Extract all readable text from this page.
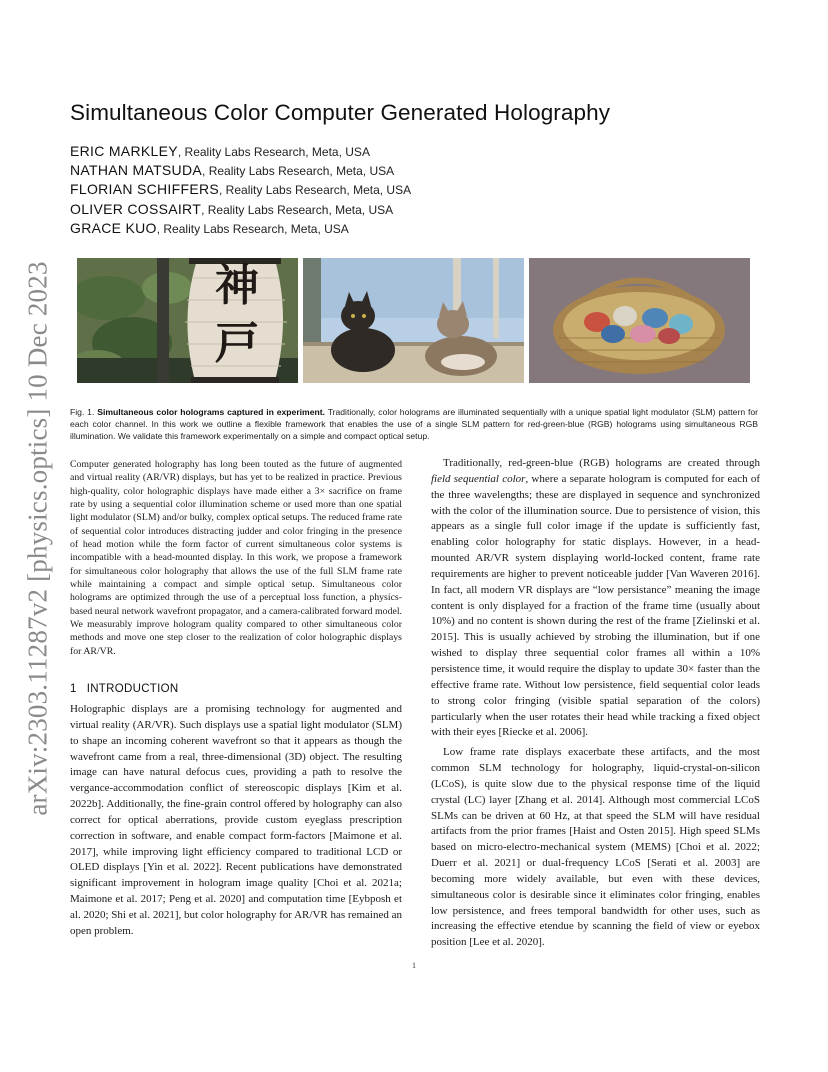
arXiv:2303.11287v2 [physics.optics] 10 Dec 2023
Simultaneous Color Computer Generated Holography
ERIC MARKLEY, Reality Labs Research, Meta, USA
NATHAN MATSUDA, Reality Labs Research, Meta, USA
FLORIAN SCHIFFERS, Reality Labs Research, Meta, USA
OLIVER COSSAIRT, Reality Labs Research, Meta, USA
GRACE KUO, Reality Labs Research, Meta, USA
神
戸
Fig. 1. Simultaneous color holograms captured in experiment. Traditionally, color holograms are illuminated sequentially with a unique spatial light modulator (SLM) pattern for each color channel. In this work we outline a flexible framework that enables the use of a single SLM pattern for red-green-blue (RGB) holograms using simultaneous RGB illumination. We validate this framework experimentally on a simple and compact optical setup.
Computer generated holography has long been touted as the future of augmented and virtual reality (AR/VR) displays, but has yet to be realized in practice. Previous high-quality, color holographic displays have made either a 3× sacrifice on frame rate by using a sequential color illumination scheme or used more than one spatial light modulator (SLM) and/or bulky, complex optical setups. The reduced frame rate of sequential color introduces distracting judder and color fringing in the presence of head motion while the form factor of current simultaneous color systems is incompatible with a head-mounted display. In this work, we propose a framework for simultaneous color holography that allows the use of the full SLM frame rate while maintaining a compact and simple optical setup. Simultaneous color holograms are optimized through the use of a perceptual loss function, a physics-based neural network wavefront propagator, and a camera-calibrated forward model. We measurably improve hologram quality compared to other simultaneous color methods and move one step closer to the realization of color holographic displays for AR/VR.
1 INTRODUCTION
Holographic displays are a promising technology for augmented and virtual reality (AR/VR). Such displays use a spatial light modulator (SLM) to shape an incoming coherent wavefront so that it appears as though the wavefront came from a real, three-dimensional (3D) object. The resulting image can have natural defocus cues, providing a path to resolve the vergance-accommodation conflict of stereoscopic displays [Kim et al. 2022b]. Additionally, the fine-grain control offered by holography can also correct for optical aberrations, provide custom eyeglass prescription correction in software, and enable compact form-factors [Maimone et al. 2017], while improving light efficiency compared to traditional LCD or OLED displays [Yin et al. 2022]. Recent publications have demonstrated significant improvement in hologram image quality [Choi et al. 2021a; Maimone et al. 2017; Peng et al. 2020] and computation time [Eybposh et al. 2020; Shi et al. 2021], but color holography for AR/VR has remained an open problem.

Traditionally, red-green-blue (RGB) holograms are created through field sequential color, where a separate hologram is computed for each of the three wavelengths; these are displayed in sequence and synchronized with the color of the illumination source. Due to persistence of vision, this appears as a single full color image if the update is sufficiently fast, enabling color holography for static displays. However, in a head-mounted AR/VR system displaying world-locked content, frame rate requirements are higher to prevent noticeable judder [Van Waveren 2016]. In fact, all modern VR displays are “low persistance” meaning the image content is only displayed for a fraction of the frame time (usually about 10%) and no content is shown during the rest of the frame [Zielinski et al. 2015]. This is usually achieved by strobing the illumination, but if one wished to display three sequential color frames all within a 10% persistence time, it would require the display to update 30× faster than the effective frame rate. Without low persistence, field sequential color leads to strong color fringing (visible spatial separation of the colors) particularly when the user rotates their head while tracking a fixed object with their eyes [Riecke et al. 2006].

Low frame rate displays exacerbate these artifacts, and the most common SLM technology for holography, liquid-crystal-on-silicon (LCoS), is quite slow due to the physical response time of the liquid crystal (LC) layer [Zhang et al. 2014]. Although most commercial LCoS SLMs can be driven at 60 Hz, at that speed the SLM will have residual artifacts from the prior frames [Haist and Osten 2015]. High speed SLMs based on micro-electro-mechanical system (MEMS) [Choi et al. 2022; Duerr et al. 2021] or dual-frequency LCoS [Serati et al. 2003] are becoming more widely available, but even with these devices, simultaneous color is desirable since it eliminates color fringing, enables low persistence, and frees temporal bandwidth for other uses, such as increasing the effective etendue by scanning the field of view or eyebox position [Lee et al. 2020].

1
